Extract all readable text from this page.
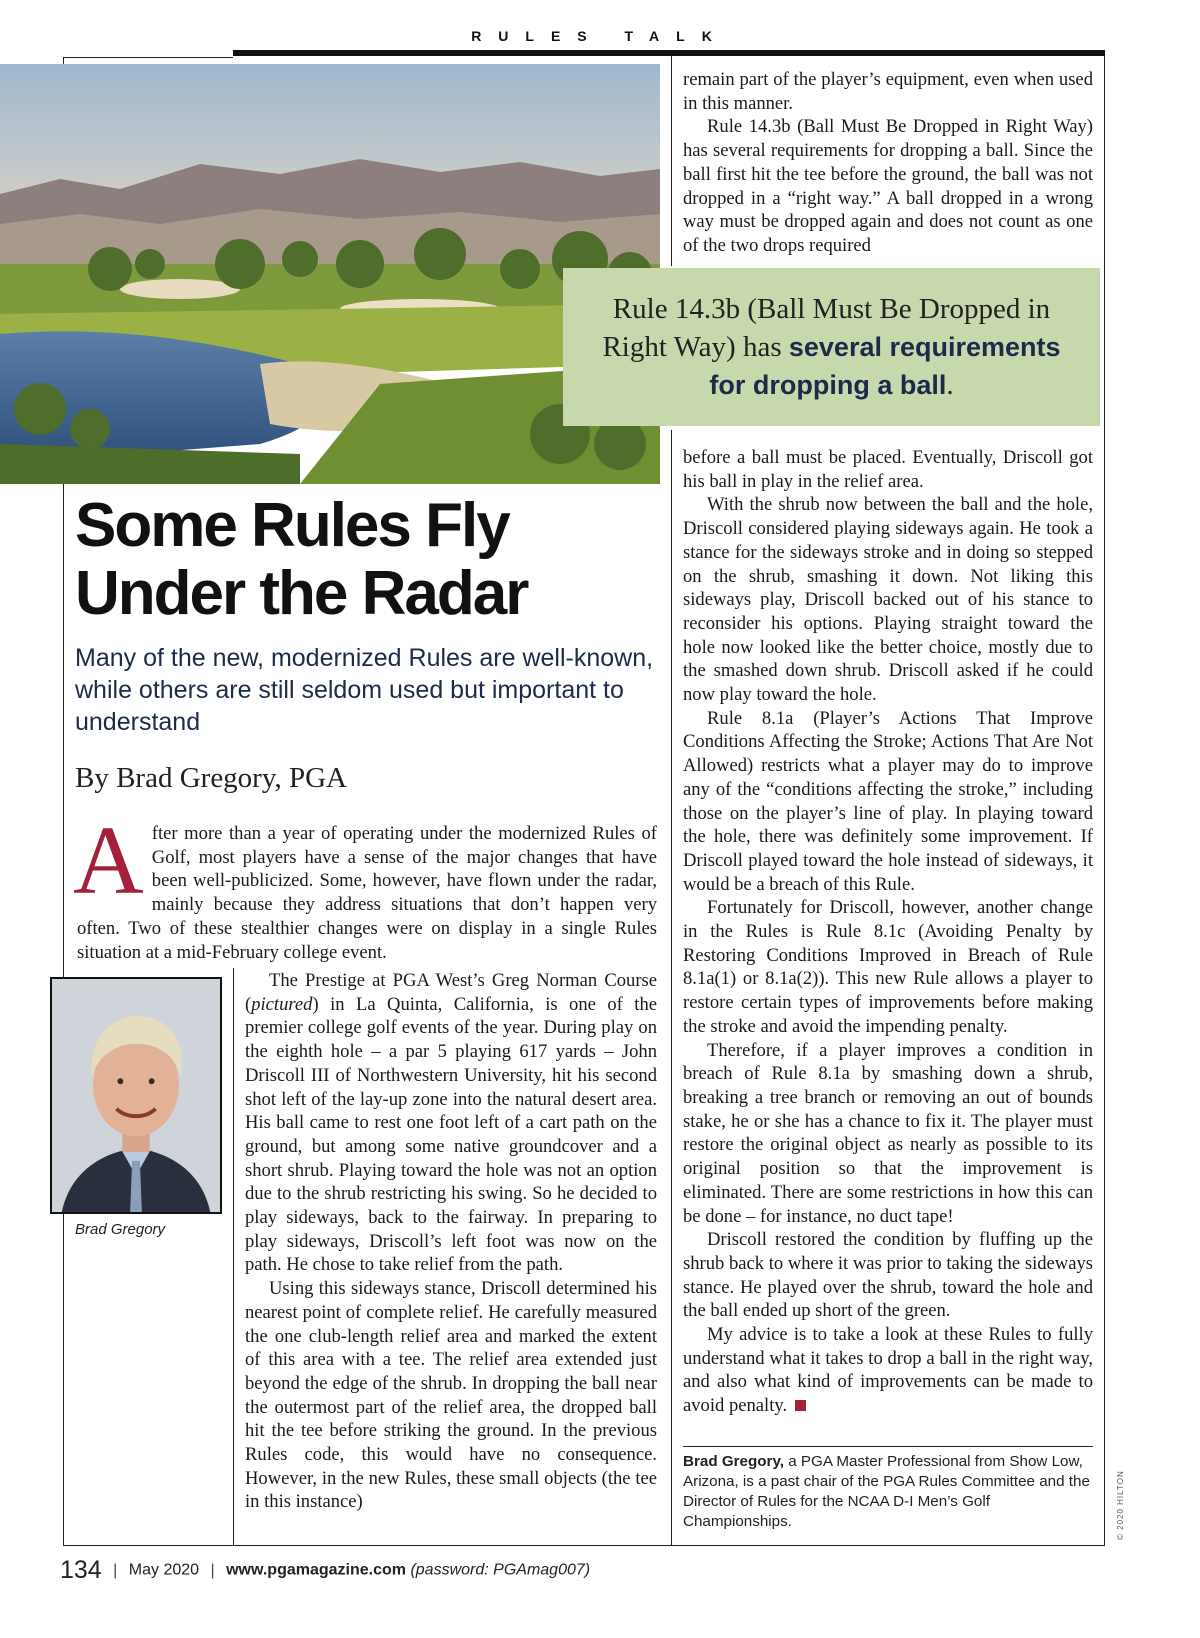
RULES TALK
Rule 14.3b (Ball Must Be Dropped in Right Way) has several requirements for dropping a ball.
Some Rules Fly Under the Radar
Many of the new, modernized Rules are well-known, while others are still seldom used but important to understand
By Brad Gregory, PGA

After more than a year of operating under the modernized Rules of Golf, most players have a sense of the major changes that have been well-publicized. Some, however, have flown under the radar, mainly because they address situations that don’t happen very often. Two of these stealthier changes were on display in a single Rules situation at a mid-February college event.

Brad Gregory

The Prestige at PGA West’s Greg Norman Course (pictured) in La Quinta, California, is one of the premier college golf events of the year. During play on the eighth hole – a par 5 playing 617 yards – John Driscoll III of Northwestern University, hit his second shot left of the lay-up zone into the natural desert area. His ball came to rest one foot left of a cart path on the ground, but among some native groundcover and a short shrub. Playing toward the hole was not an option due to the shrub restricting his swing. So he decided to play sideways, back to the fairway. In preparing to play sideways, Driscoll’s left foot was now on the path. He chose to take relief from the path.

Using this sideways stance, Driscoll determined his nearest point of complete relief. He carefully measured the one club-length relief area and marked the extent of this area with a tee. The relief area extended just beyond the edge of the shrub. In dropping the ball near the outermost part of the relief area, the dropped ball hit the tee before striking the ground. In the previous Rules code, this would have no consequence. However, in the new Rules, these small objects (the tee in this instance)

remain part of the player’s equipment, even when used in this manner.

Rule 14.3b (Ball Must Be Dropped in Right Way) has several requirements for dropping a ball. Since the ball first hit the tee before the ground, the ball was not dropped in a “right way.” A ball dropped in a wrong way must be dropped again and does not count as one of the two drops required

before a ball must be placed. Eventually, Driscoll got his ball in play in the relief area.

With the shrub now between the ball and the hole, Driscoll considered playing sideways again. He took a stance for the sideways stroke and in doing so stepped on the shrub, smashing it down. Not liking this sideways play, Driscoll backed out of his stance to reconsider his options. Playing straight toward the hole now looked like the better choice, mostly due to the smashed down shrub. Driscoll asked if he could now play toward the hole.

Rule 8.1a (Player’s Actions That Improve Conditions Affecting the Stroke; Actions That Are Not Allowed) restricts what a player may do to improve any of the “conditions affecting the stroke,” including those on the player’s line of play. In playing toward the hole, there was definitely some improvement. If Driscoll played toward the hole instead of sideways, it would be a breach of this Rule.

Fortunately for Driscoll, however, another change in the Rules is Rule 8.1c (Avoiding Penalty by Restoring Conditions Improved in Breach of Rule 8.1a(1) or 8.1a(2)). This new Rule allows a player to restore certain types of improvements before making the stroke and avoid the impending penalty.

Therefore, if a player improves a condition in breach of Rule 8.1a by smashing down a shrub, breaking a tree branch or removing an out of bounds stake, he or she has a chance to fix it. The player must restore the original object as nearly as possible to its original position so that the improvement is eliminated. There are some restrictions in how this can be done – for instance, no duct tape!

Driscoll restored the condition by fluffing up the shrub back to where it was prior to taking the sideways stance. He played over the shrub, toward the hole and the ball ended up short of the green.

My advice is to take a look at these Rules to fully understand what it takes to drop a ball in the right way, and also what kind of improvements can be made to avoid penalty.

Brad Gregory, a PGA Master Professional from Show Low, Arizona, is a past chair of the PGA Rules Committee and the Director of Rules for the NCAA D-I Men’s Golf Championships.	© 2020 HILTON
134 | May 2020 | www.pgamagazine.com (password: PGAmag007)
